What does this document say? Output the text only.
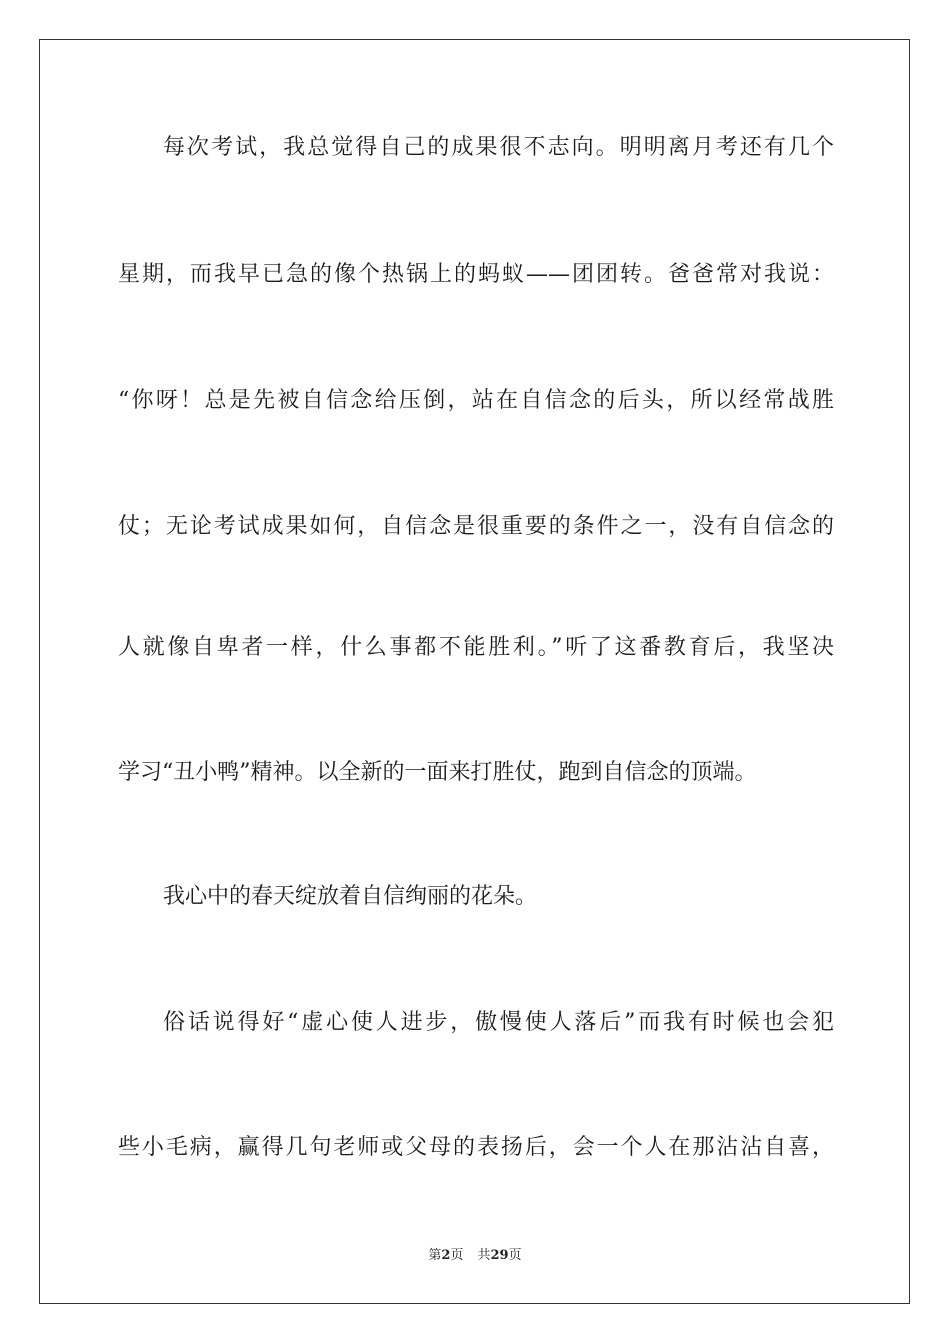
每次考试，我总觉得自己的成果很不志向。明明离月考还有几个
星期，而我早已急的像个热锅上的蚂蚁——团团转。爸爸常对我说：
“你呀！总是先被自信念给压倒，站在自信念的后头，所以经常战胜
仗；无论考试成果如何，自信念是很重要的条件之一，没有自信念的
人就像自卑者一样，什么事都不能胜利。”听了这番教育后，我坚决
学习“丑小鸭”精神。以全新的一面来打胜仗，跑到自信念的顶端。
我心中的春天绽放着自信绚丽的花朵。
俗话说得好“虚心使人进步，傲慢使人落后”而我有时候也会犯
些小毛病，赢得几句老师或父母的表扬后，会一个人在那沾沾自喜，
第2页 共29页
